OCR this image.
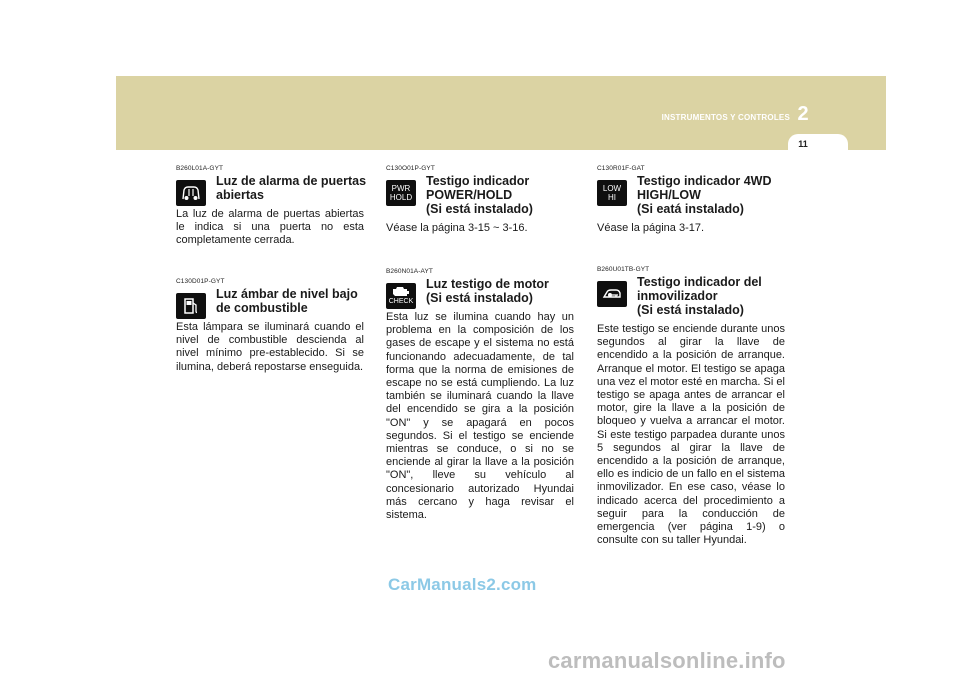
INSTRUMENTOS Y CONTROLES 2
11
B260L01A-GYT
Luz de alarma de puertas
abiertas
La luz de alarma de puertas abiertas le indica si una puerta no esta completamente cerrada.
C130D01P-GYT
Luz ámbar de nivel bajo
de combustible
Esta lámpara se iluminará cuando el nivel de combustible descienda al nivel mínimo pre-establecido. Si se ilumina, deberá repostarse enseguida.
C130O01P-GYT
PWR
HOLD
Testigo indicador
POWER/HOLD
(Si está instalado)
Véase la página 3-15 ~ 3-16.
B260N01A-AYT
CHECK
Luz testigo de motor
(Si está instalado)
Esta luz se ilumina cuando hay un problema en la composición de los gases de escape y el sistema no está funcionando adecuadamente, de tal forma que la norma de emisiones de escape no se está cumpliendo. La luz también se iluminará cuando la llave del encendido se gira a la posición "ON" y se apagará en pocos segundos. Si el testigo se enciende mientras se conduce, o si no se enciende al girar la llave a la posición "ON", lleve su vehículo al concesionario autorizado Hyundai más cercano y haga revisar el sistema.
C130R01F-GAT
LOW
HI
Testigo indicador 4WD
HIGH/LOW
(Si eatá instalado)
Véase la página 3-17.
B260U01TB-GYT
Testigo indicador del
inmovilizador
(Si está instalado)
Este testigo se enciende durante unos segundos al girar la llave de encendido a la posición de arranque. Arranque el motor. El testigo se apaga una vez el motor esté en marcha. Si el testigo se apaga antes de arrancar el motor, gire la llave a la posición de bloqueo y vuelva a arrancar el motor. Si este testigo parpadea durante unos 5 segundos al girar la llave de encendido a la posición de arranque, ello es indicio de un fallo en el sistema inmovilizador. En ese caso, véase lo indicado acerca del procedimiento a seguir para la conducción de emergencia (ver página 1-9) o consulte con su taller Hyundai.
CarManuals2.com
carmanualsonline.info
